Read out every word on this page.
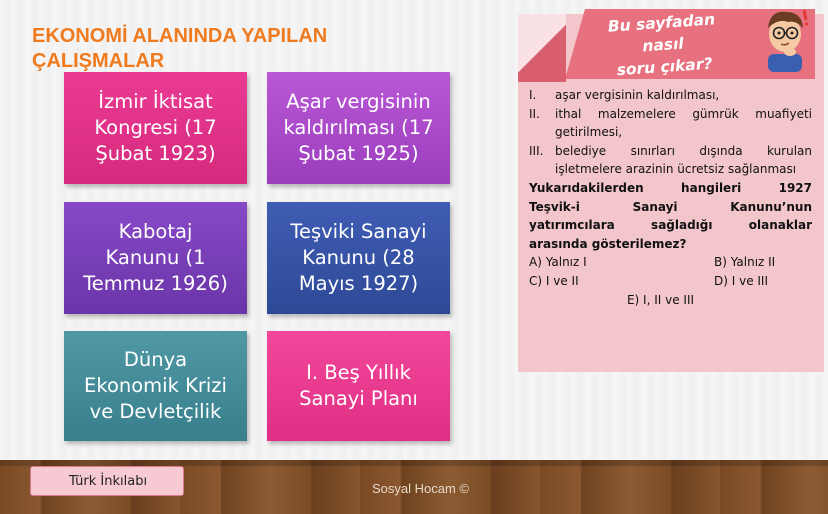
EKONOMİ ALANINDA YAPILAN ÇALIŞMALAR
İzmir İktisat
Kongresi (17
Şubat 1923)
Aşar vergisinin
kaldırılması (17
Şubat 1925)
Kabotaj
Kanunu (1
Temmuz 1926)
Teşviki Sanayi
Kanunu (28
Mayıs 1927)
Dünya
Ekonomik Krizi
ve Devletçilik
I. Beş Yıllık
Sanayi Planı
Bu sayfadan nasıl
soru çıkar?
I.	aşar vergisinin kaldırılması,
II.	ithal malzemelere gümrük muafiyeti getirilmesi,
III. belediye sınırları dışında kurulan işletmelere arazinin ücretsiz sağlanması
Yukarıdakilerden hangileri 1927
Teşvik-i Sanayi Kanunu’nun
yatırımcılara sağladığı olanaklar
arasında gösterilemez?
A) Yalnız I	B) Yalnız II
C) I ve II	D) I ve III
E) I, II ve III
Türk İnkılabı	Sosyal Hocam ©
